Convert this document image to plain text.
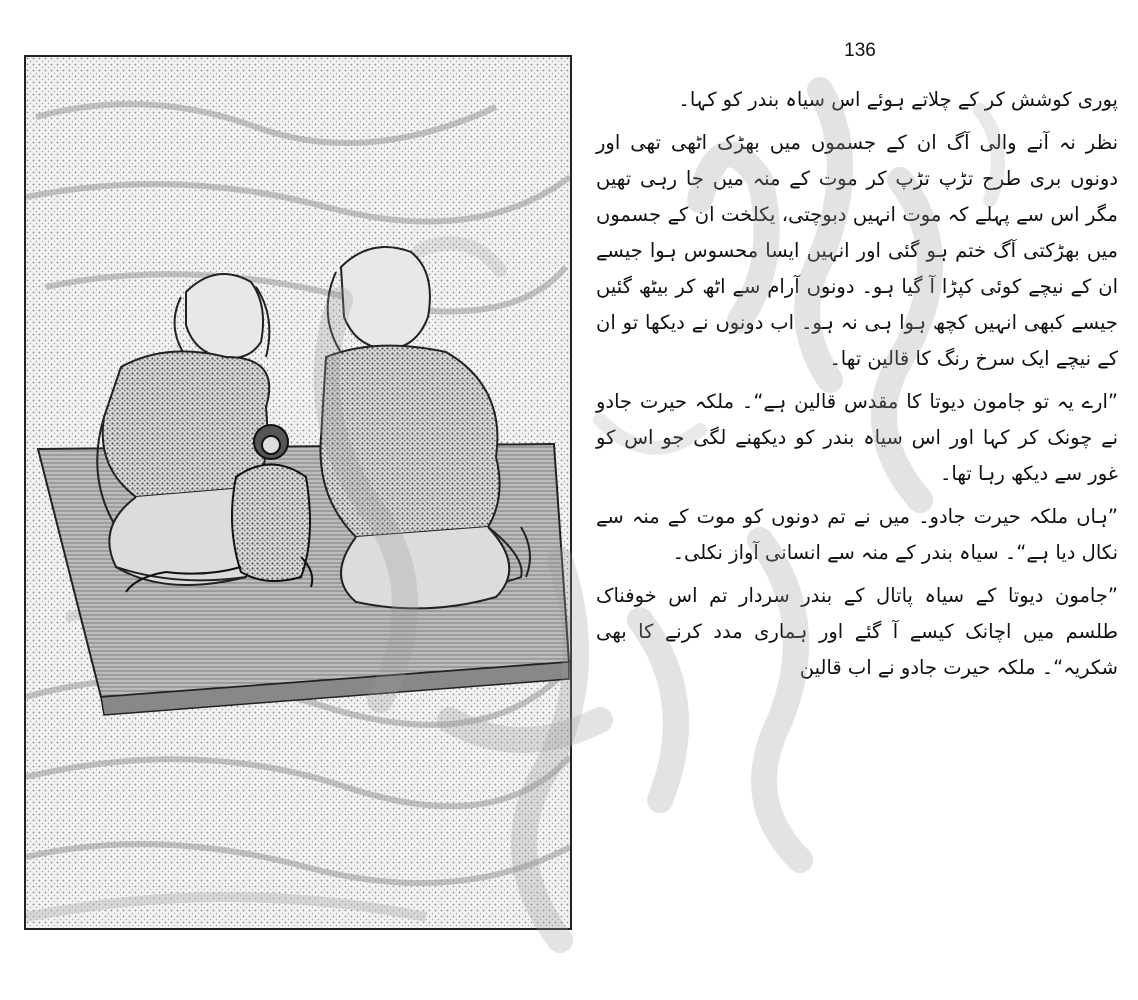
136

پوری کوشش کر کے چلاتے ہوئے اس سیاہ بندر کو کہا۔

نظر نہ آنے والی آگ ان کے جسموں میں بھڑک اٹھی تھی اور دونوں بری طرح تڑپ تڑپ کر موت کے منہ میں جا رہی تھیں مگر اس سے پہلے کہ موت انہیں دبوچتی، یکلخت ان کے جسموں میں بھڑکتی آگ ختم ہو گئی اور انہیں ایسا محسوس ہوا جیسے ان کے نیچے کوئی کپڑا آ گیا ہو۔ دونوں آرام سے اٹھ کر بیٹھ گئیں جیسے کبھی انہیں کچھ ہوا ہی نہ ہو۔ اب دونوں نے دیکھا تو ان کے نیچے ایک سرخ رنگ کا قالین تھا۔

”ارے یہ تو جامون دیوتا کا مقدس قالین ہے“۔ ملکہ حیرت جادو نے چونک کر کہا اور اس سیاہ بندر کو دیکھنے لگی جو اس کو غور سے دیکھ رہا تھا۔

”ہاں ملکہ حیرت جادو۔ میں نے تم دونوں کو موت کے منہ سے نکال دیا ہے“۔ سیاہ بندر کے منہ سے انسانی آواز نکلی۔

”جامون دیوتا کے سیاہ پاتال کے بندر سردار تم اس خوفناک طلسم میں اچانک کیسے آ گئے اور ہماری مدد کرنے کا بھی شکریہ“۔ ملکہ حیرت جادو نے اب قالین
